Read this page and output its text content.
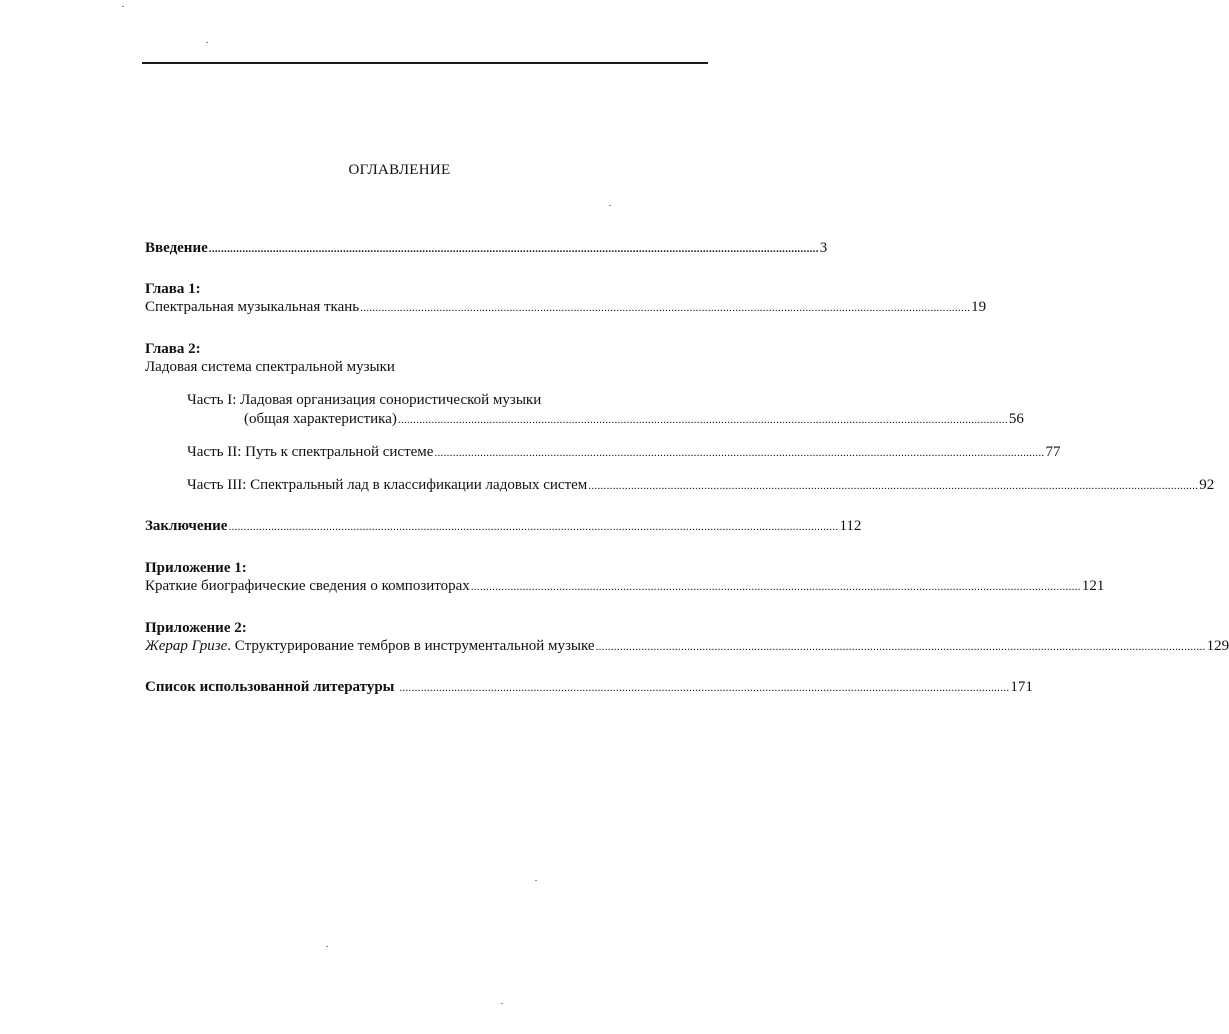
ОГЛАВЛЕНИЕ
Введение ........................................................................................................................................................................................................ 3
Глава 1:
Спектральная музыкальная ткань ........................................................................................................................................................................................................ 19
Глава 2:
Ладовая система спектральной музыки
Часть I: Ладовая организация сонористической музыки
(общая характеристика) ........................................................................................................................................................................................................ 56
Часть II: Путь к спектральной системе ........................................................................................................................................................................................................ 77
Часть III: Спектральный лад в классификации ладовых систем ........................................................................................................................................................................................................ 92
Заключение ........................................................................................................................................................................................................ 112
Приложение 1:
Краткие биографические сведения о композиторах ........................................................................................................................................................................................................ 121
Приложение 2:
Жерар Гризе. Структурирование тембров в инструментальной музыке ........................................................................................................................................................................................................ 129
Список использованной литературы ........................................................................................................................................................................................................ 171
